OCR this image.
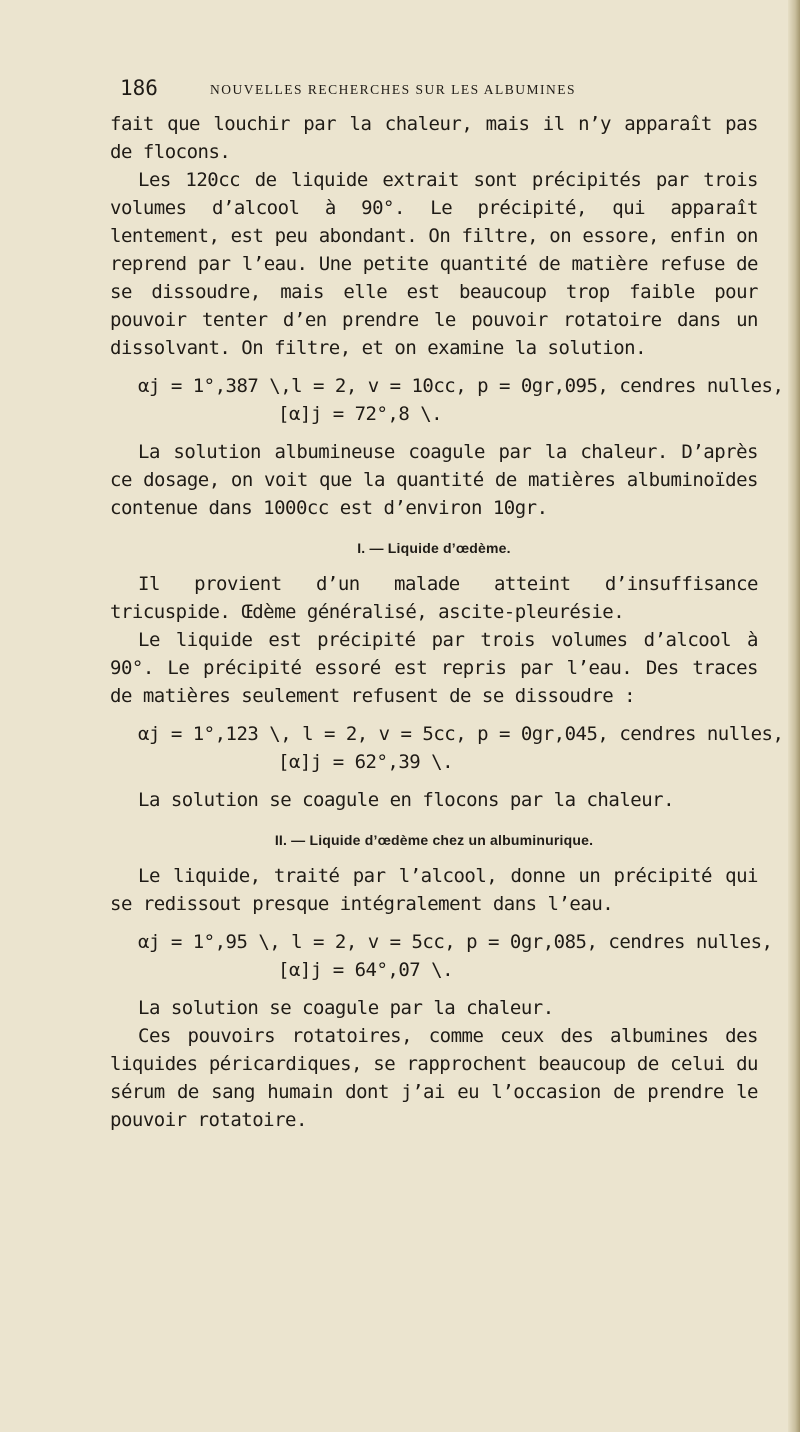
186	NOUVELLES RECHERCHES SUR LES ALBUMINES

fait que louchir par la chaleur, mais il n’y apparaît pas de flocons.

Les 120cc de liquide extrait sont précipités par trois volumes d’alcool à 90°. Le précipité, qui apparaît lentement, est peu abondant. On filtre, on essore, enfin on reprend par l’eau. Une petite quantité de matière refuse de se dissoudre, mais elle est beaucoup trop faible pour pouvoir tenter d’en prendre le pouvoir rotatoire dans un dissolvant. On filtre, et on examine la solution.

αj = 1°,387 \,l = 2, v = 10cc, p = 0gr,095, cendres nulles,
[α]j = 72°,8 \.

La solution albumineuse coagule par la chaleur. D’après ce dosage, on voit que la quantité de matières albuminoïdes contenue dans 1000cc est d’environ 10gr.

I. — Liquide d’œdème.

Il provient d’un malade atteint d’insuffisance tricuspide. Œdème généralisé, ascite-pleurésie.

Le liquide est précipité par trois volumes d’alcool à 90°. Le précipité essoré est repris par l’eau. Des traces de matières seulement refusent de se dissoudre :

αj = 1°,123 \, l = 2, v = 5cc, p = 0gr,045, cendres nulles,
[α]j = 62°,39 \.

La solution se coagule en flocons par la chaleur.

II. — Liquide d’œdème chez un albuminurique.

Le liquide, traité par l’alcool, donne un précipité qui se redissout presque intégralement dans l’eau.

αj = 1°,95 \, l = 2, v = 5cc, p = 0gr,085, cendres nulles,
[α]j = 64°,07 \.

La solution se coagule par la chaleur.

Ces pouvoirs rotatoires, comme ceux des albumines des liquides péricardiques, se rapprochent beaucoup de celui du sérum de sang humain dont j’ai eu l’occasion de prendre le pouvoir rotatoire.
